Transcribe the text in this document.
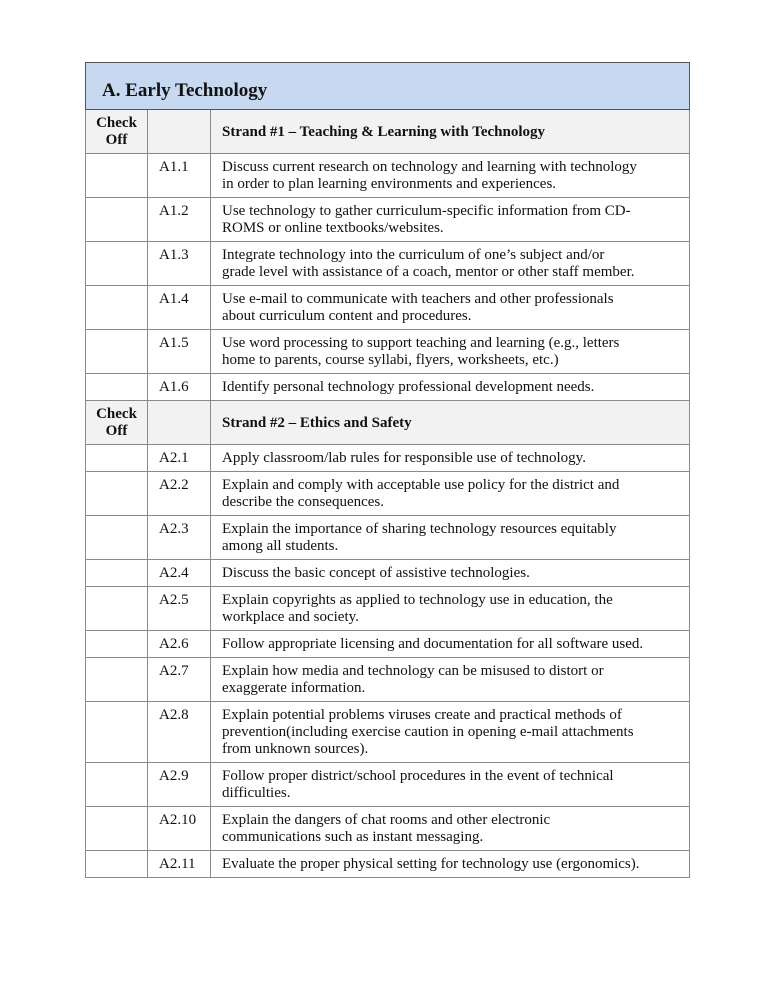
A. Early Technology		
Check
Off		Strand #1 – Teaching & Learning with Technology
	A1.1	Discuss current research on technology and learning with technology
in order to plan learning environments and experiences.
	A1.2	Use technology to gather curriculum-specific information from CD-
ROMS or online textbooks/websites.
	A1.3	Integrate technology into the curriculum of one’s subject and/or
grade level with assistance of a coach, mentor or other staff member.
	A1.4	Use e-mail to communicate with teachers and other professionals
about curriculum content and procedures.
	A1.5	Use word processing to support teaching and learning (e.g., letters
home to parents, course syllabi, flyers, worksheets, etc.)
	A1.6	Identify personal technology professional development needs.
Check
Off		Strand #2 – Ethics and Safety
	A2.1	Apply classroom/lab rules for responsible use of technology.
	A2.2	Explain and comply with acceptable use policy for the district and
describe the consequences.
	A2.3	Explain the importance of sharing technology resources equitably
among all students.
	A2.4	Discuss the basic concept of assistive technologies.
	A2.5	Explain copyrights as applied to technology use in education, the
workplace and society.
	A2.6	Follow appropriate licensing and documentation for all software used.
	A2.7	Explain how media and technology can be misused to distort or
exaggerate information.
	A2.8	Explain potential problems viruses create and practical methods of
prevention(including exercise caution in opening e-mail attachments
from unknown sources).
	A2.9	Follow proper district/school procedures in the event of technical
difficulties.
	A2.10	Explain the dangers of chat rooms and other electronic
communications such as instant messaging.
	A2.11	Evaluate the proper physical setting for technology use (ergonomics).
